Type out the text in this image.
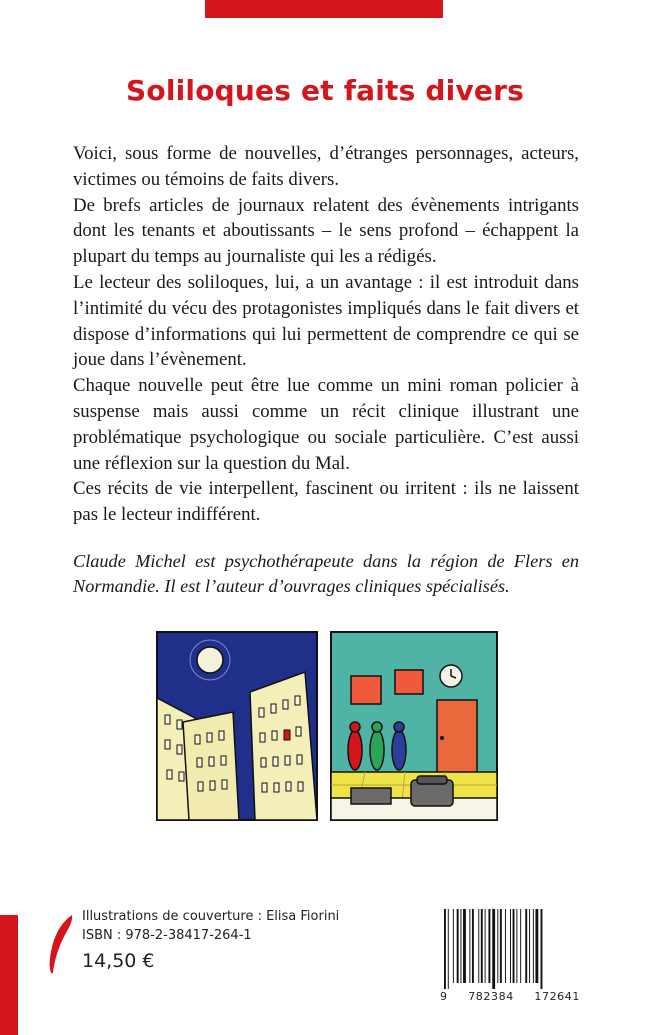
Soliloques et faits divers

Voici, sous forme de nouvelles, d’étranges personnages, acteurs, victimes ou témoins de faits divers.

De brefs articles de journaux relatent des évènements intrigants dont les tenants et aboutissants – le sens profond – échappent la plupart du temps au journaliste qui les a rédigés.

Le lecteur des soliloques, lui, a un avantage : il est introduit dans l’intimité du vécu des protagonistes impliqués dans le fait divers et dispose d’informations qui lui permettent de comprendre ce qui se joue dans l’évènement.

Chaque nouvelle peut être lue comme un mini roman policier à suspense mais aussi comme un récit clinique illustrant une problématique psychologique ou sociale particulière. C’est aussi une réflexion sur la question du Mal.

Ces récits de vie interpellent, fascinent ou irritent : ils ne laissent pas le lecteur indifférent.

Claude Michel est psychothérapeute dans la région de Flers en Normandie. Il est l’auteur d’ouvrages cliniques spécialisés.
Illustrations de couverture : Elisa Fiorini
ISBN : 978-2-38417-264-1
14,50 €
9 782384 172641
